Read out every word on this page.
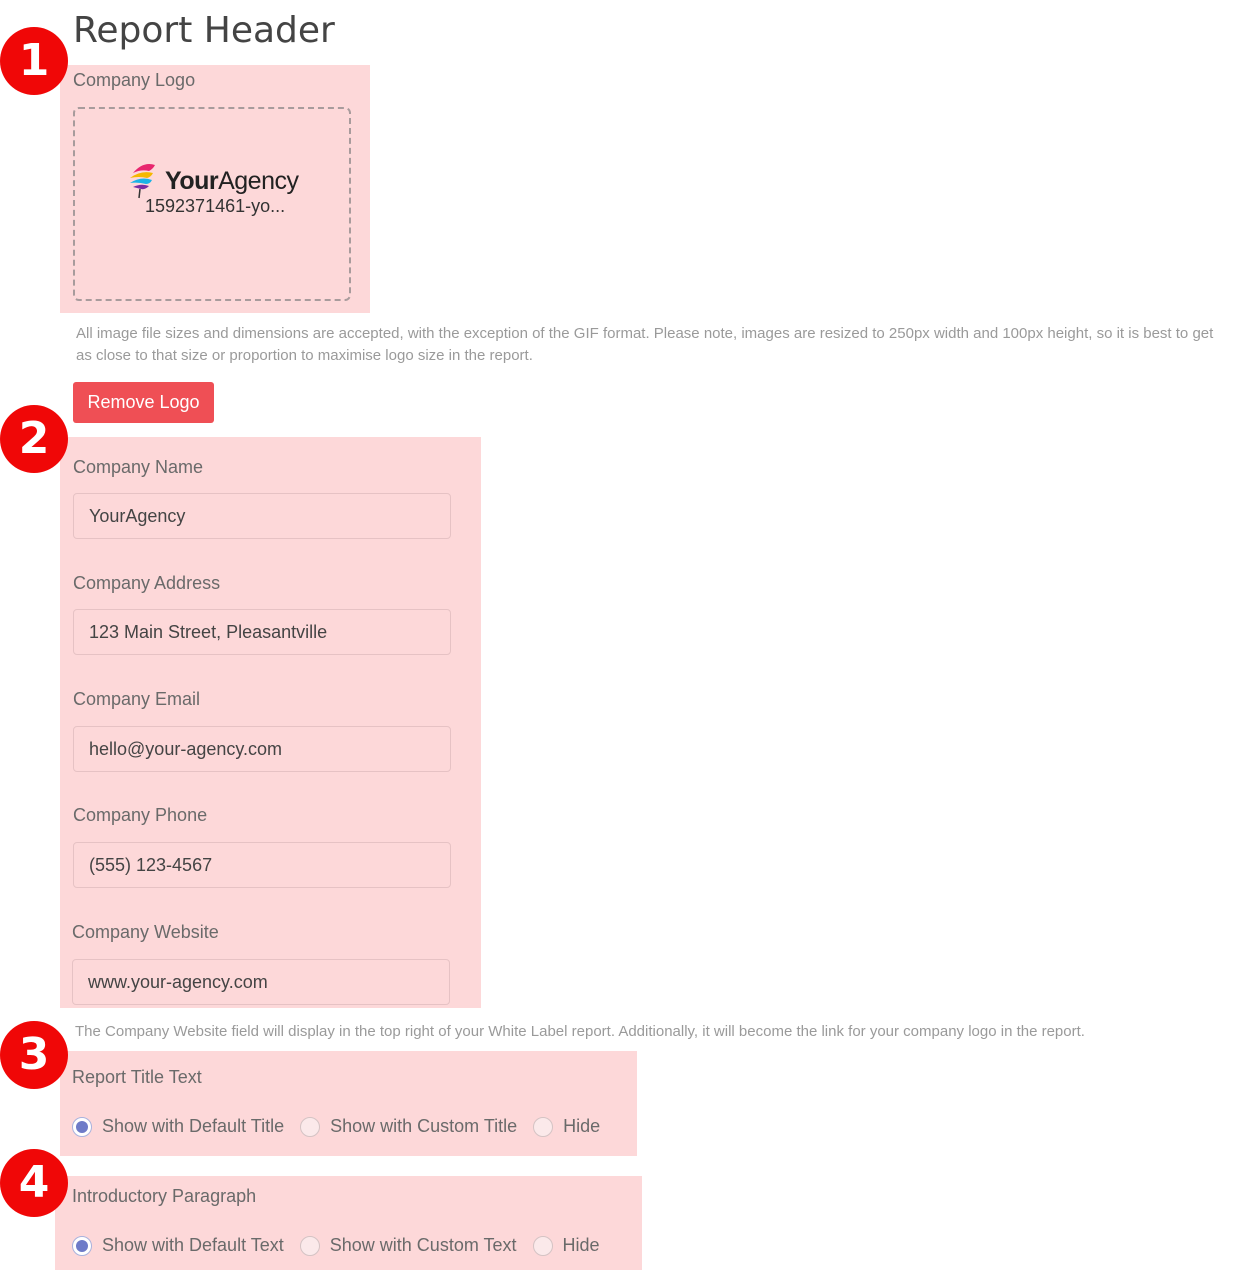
Report Header
1
2
3
4
Company Logo
YourAgency
1592371461-yo...
All image file sizes and dimensions are accepted, with the exception of the GIF format. Please note, images are resized to 250px width and 100px height, so it is best to get as close to that size or proportion to maximise logo size in the report.
Remove Logo
Company Name
YourAgency
Company Address
123 Main Street, Pleasantville
Company Email
hello@your-agency.com
Company Phone
(555) 123-4567
Company Website
www.your-agency.com
The Company Website field will display in the top right of your White Label report. Additionally, it will become the link for your company logo in the report.
Report Title Text
Show with Default Title	Show with Custom Title	Hide
Introductory Paragraph
Show with Default Text	Show with Custom Text	Hide
